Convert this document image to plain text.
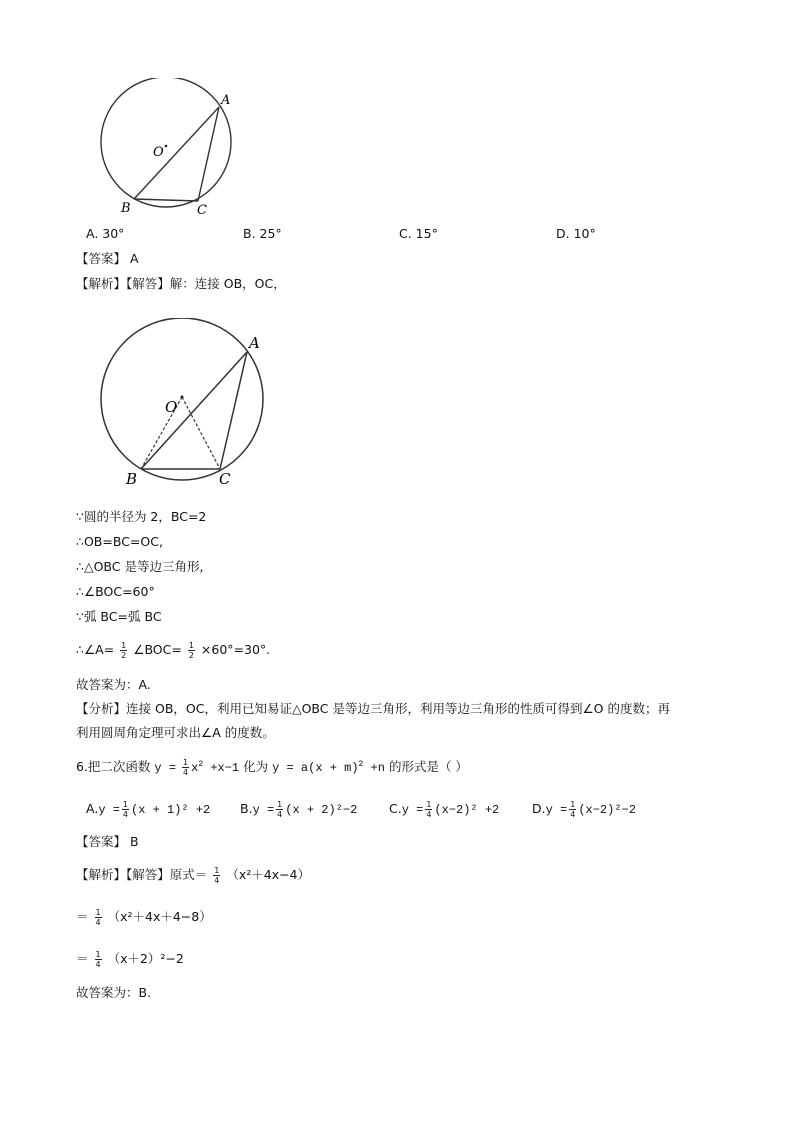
A
B	C
O
A. 30°	B. 25°	C. 15°	D. 10°
【答案】 A
【解析】【解答】解：连接 OB，OC，
A
B	C
O
∵圆的半径为 2，BC=2
∴OB=BC=OC,
∴△OBC 是等边三角形,
∴∠BOC=60°
∵弧 BC=弧 BC
∴∠A= $\frac{1}{2}$ ∠BOC= $\frac{1}{2} \times 60^\circ=30^\circ$.
故答案为：A.
【分析】连接 OB，OC，利用已知易证△OBC 是等边三角形，利用等边三角形的性质可得到∠O 的度数；再
利用圆周角定理可求出∠A 的度数。
6.把二次函数 $y = \frac{1}{4} x^2 +x-1$ 化为 $y = a(x + m)^2 +n$ 的形式是（ ）
$A.y = \frac{1}{4} (x + 1)^2 +2$ $B.y = \frac{1}{4} (x + 2)^2-2$	$C.y = \frac{1}{4} (x-2)^2 +2$	$D.y = \frac{1}{4} (x-2)^2-2$
【答案】 B
【解析】【解答】原式＝ $\frac{1}{4} (x^2+4x-4)$
＝ $\frac{1}{4} (x^2+4x+4-8)$
＝ $\frac{1}{4} (x+2)^2-2$
故答案为：B.
